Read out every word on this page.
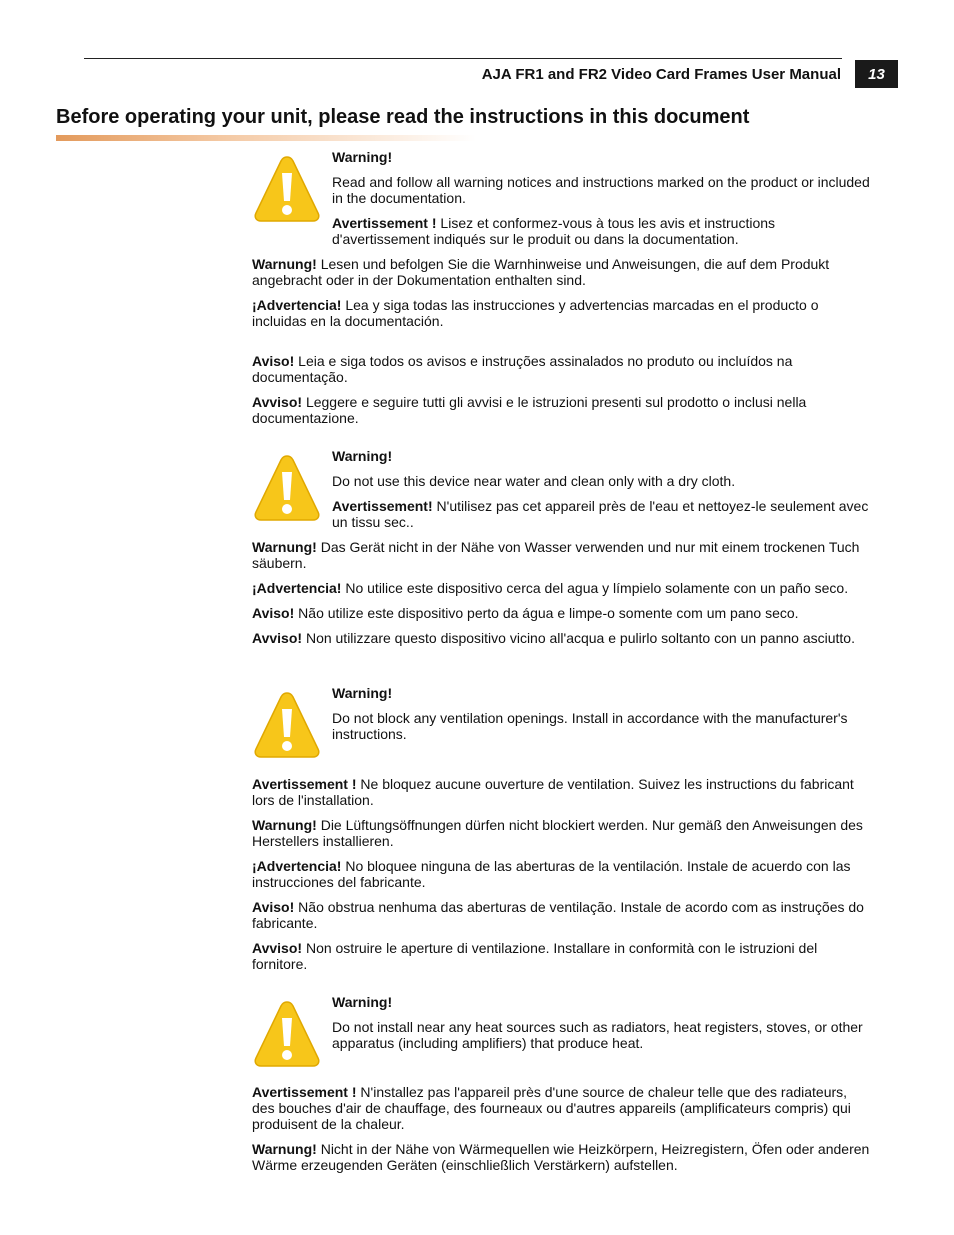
AJA FR1 and FR2 Video Card Frames User Manual	13
Before operating your unit, please read the instructions in this document
Warning!

Read and follow all warning notices and instructions marked on the product or included in the documentation.

Avertissement ! Lisez et conformez-vous à tous les avis et instructions d'avertissement indiqués sur le produit ou dans la documentation.

Warnung! Lesen und befolgen Sie die Warnhinweise und Anweisungen, die auf dem Produkt angebracht oder in der Dokumentation enthalten sind.

¡Advertencia! Lea y siga todas las instrucciones y advertencias marcadas en el producto o incluidas en la documentación.

Aviso! Leia e siga todos os avisos e instruções assinalados no produto ou incluídos na documentação.

Avviso! Leggere e seguire tutti gli avvisi e le istruzioni presenti sul prodotto o inclusi nella documentazione.

Warning!

Do not use this device near water and clean only with a dry cloth.

Avertissement! N'utilisez pas cet appareil près de l'eau et nettoyez-le seulement avec un tissu sec..

Warnung! Das Gerät nicht in der Nähe von Wasser verwenden und nur mit einem trockenen Tuch säubern.

¡Advertencia! No utilice este dispositivo cerca del agua y límpielo solamente con un paño seco.

Aviso! Não utilize este dispositivo perto da água e limpe-o somente com um pano seco.

Avviso! Non utilizzare questo dispositivo vicino all'acqua e pulirlo soltanto con un panno asciutto.

Warning!

Do not block any ventilation openings. Install in accordance with the manufacturer's instructions.

Avertissement ! Ne bloquez aucune ouverture de ventilation. Suivez les instructions du fabricant lors de l'installation.

Warnung! Die Lüftungsöffnungen dürfen nicht blockiert werden. Nur gemäß den Anweisungen des Herstellers installieren.

¡Advertencia! No bloquee ninguna de las aberturas de la ventilación. Instale de acuerdo con las instrucciones del fabricante.

Aviso! Não obstrua nenhuma das aberturas de ventilação. Instale de acordo com as instruções do fabricante.

Avviso! Non ostruire le aperture di ventilazione. Installare in conformità con le istruzioni del fornitore.

Warning!

Do not install near any heat sources such as radiators, heat registers, stoves, or other apparatus (including amplifiers) that produce heat.

Avertissement ! N'installez pas l'appareil près d'une source de chaleur telle que des radiateurs, des bouches d'air de chauffage, des fourneaux ou d'autres appareils (amplificateurs compris) qui produisent de la chaleur.

Warnung! Nicht in der Nähe von Wärmequellen wie Heizkörpern, Heizregistern, Öfen oder anderen Wärme erzeugenden Geräten (einschließlich Verstärkern) aufstellen.
